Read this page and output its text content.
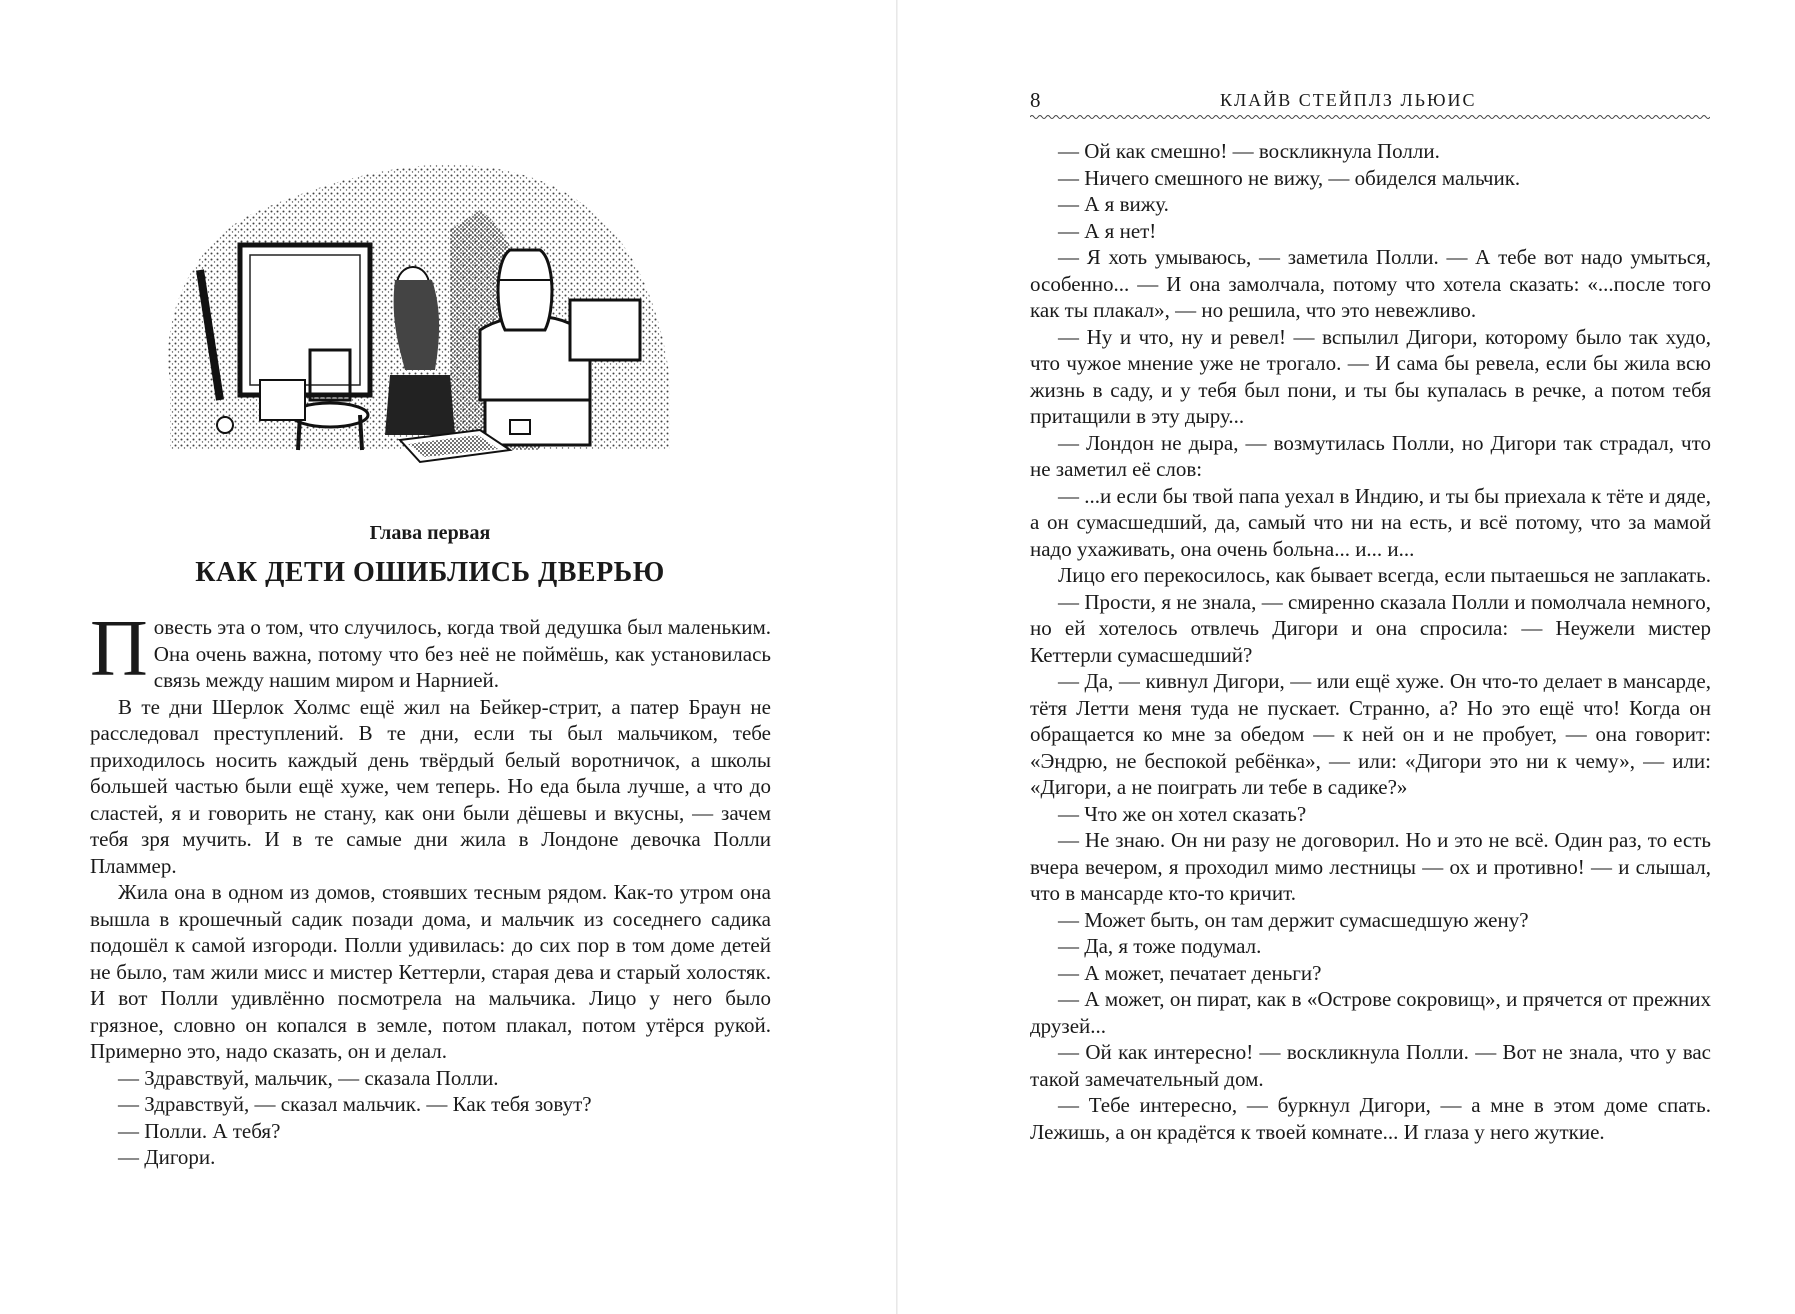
Глава первая
КАК ДЕТИ ОШИБЛИСЬ ДВЕРЬЮ

Повесть эта о том, что случилось, когда твой дедушка был маленьким. Она очень важна, потому что без неё не поймёшь, как установилась связь между нашим миром и Нарнией.

В те дни Шерлок Холмс ещё жил на Бейкер-стрит, а патер Браун не расследовал преступлений. В те дни, если ты был мальчиком, тебе приходилось носить каждый день твёрдый белый воротничок, а школы большей частью были ещё хуже, чем теперь. Но еда была лучше, а что до сластей, я и говорить не стану, как они были дёшевы и вкусны, — зачем тебя зря мучить. И в те самые дни жила в Лондоне девочка Полли Пламмер.

Жила она в одном из домов, стоявших тесным рядом. Как-то утром она вышла в крошечный садик позади дома, и мальчик из соседнего садика подошёл к самой изгороди. Полли удивилась: до сих пор в том доме детей не было, там жили мисс и мистер Кеттерли, старая дева и старый холостяк. И вот Полли удивлённо посмотрела на мальчика. Лицо у него было грязное, словно он копался в земле, потом плакал, потом утёрся рукой. Примерно это, надо сказать, он и делал.

— Здравствуй, мальчик, — сказала Полли.

— Здравствуй, — сказал мальчик. — Как тебя зовут?

— Полли. А тебя?

— Дигори.

8	КЛАЙВ СТЕЙПЛЗ ЛЬЮИС

— Ой как смешно! — воскликнула Полли.

— Ничего смешного не вижу, — обиделся мальчик.

— А я вижу.

— А я нет!

— Я хоть умываюсь, — заметила Полли. — А тебе вот надо умыться, особенно... — И она замолчала, потому что хотела сказать: «...после того как ты плакал», — но решила, что это невежливо.

— Ну и что, ну и ревел! — вспылил Дигори, которому было так худо, что чужое мнение уже не трогало. — И сама бы ревела, если бы жила всю жизнь в саду, и у тебя был пони, и ты бы купалась в речке, а потом тебя притащили в эту дыру...

— Лондон не дыра, — возмутилась Полли, но Дигори так страдал, что не заметил её слов:

— ...и если бы твой папа уехал в Индию, и ты бы приехала к тёте и дяде, а он сумасшедший, да, самый что ни на есть, и всё потому, что за мамой надо ухаживать, она очень больна... и... и...

Лицо его перекосилось, как бывает всегда, если пытаешься не заплакать.

— Прости, я не знала, — смиренно сказала Полли и помолчала немного, но ей хотелось отвлечь Дигори и она спросила: — Неужели мистер Кеттерли сумасшедший?

— Да, — кивнул Дигори, — или ещё хуже. Он что-то делает в мансарде, тётя Летти меня туда не пускает. Странно, а? Но это ещё что! Когда он обращается ко мне за обедом — к ней он и не пробует, — она говорит: «Эндрю, не беспокой ребёнка», — или: «Дигори это ни к чему», — или: «Дигори, а не поиграть ли тебе в садике?»

— Что же он хотел сказать?

— Не знаю. Он ни разу не договорил. Но и это не всё. Один раз, то есть вчера вечером, я проходил мимо лестницы — ох и противно! — и слышал, что в мансарде кто-то кричит.

— Может быть, он там держит сумасшедшую жену?

— Да, я тоже подумал.

— А может, печатает деньги?

— А может, он пират, как в «Острове сокровищ», и прячется от прежних друзей...

— Ой как интересно! — воскликнула Полли. — Вот не знала, что у вас такой замечательный дом.

— Тебе интересно, — буркнул Дигори, — а мне в этом доме спать. Лежишь, а он крадётся к твоей комнате... И глаза у него жуткие.
